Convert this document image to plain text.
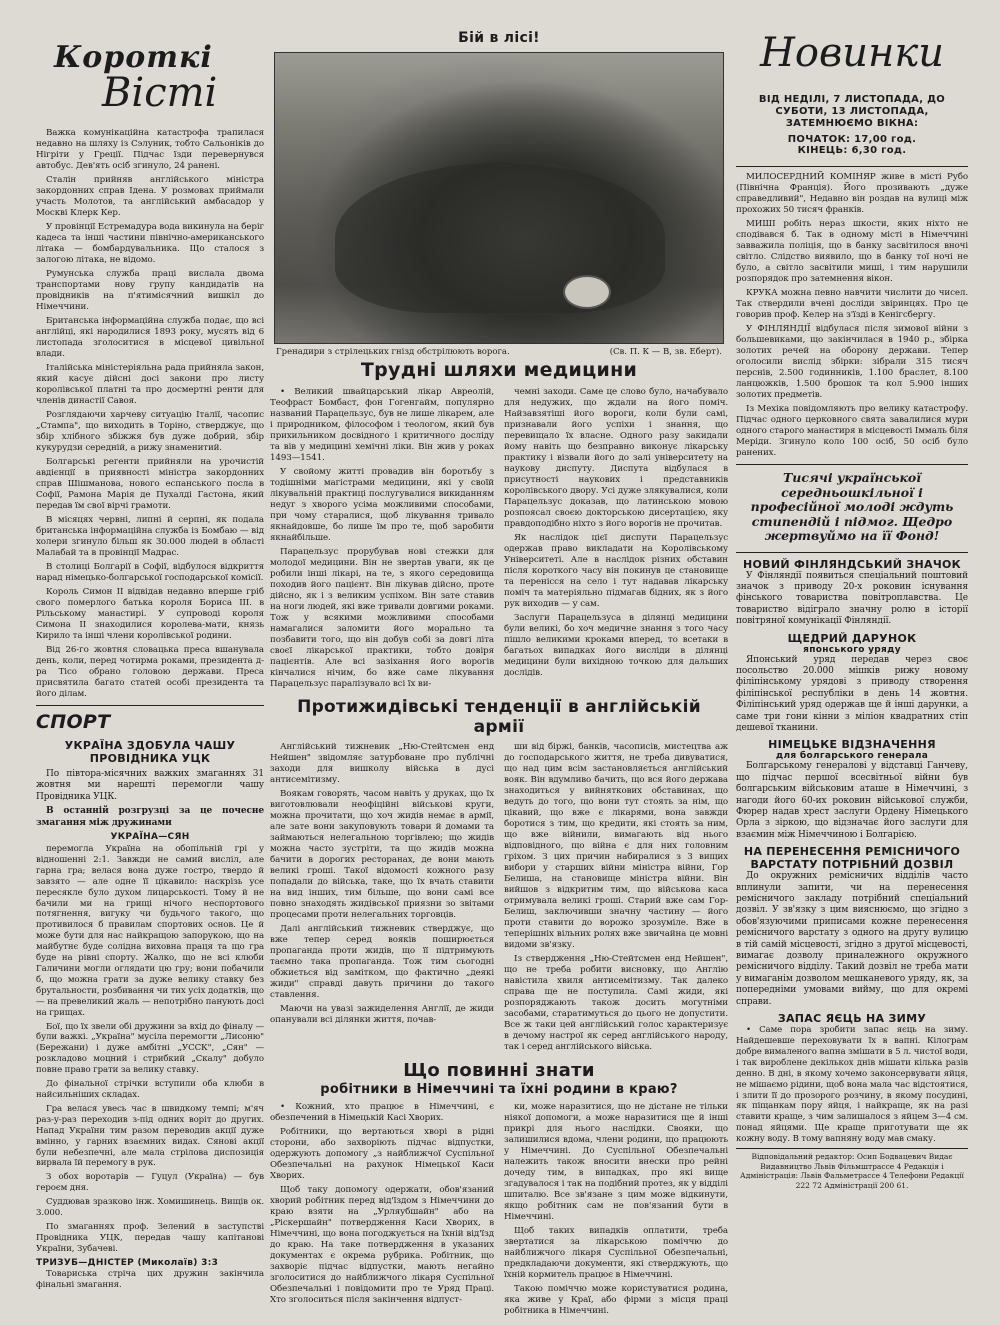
Короткі
Вісті

Важка комунікаційна катастрофа трапилася недавно на шляху із Сэлуник, тобто Сальоніків до Нігріти у Греції. Підчас їзди перевернувся автобус. Дев'ять осіб згинуло, 24 ранені.

Сталін прийняв англійського міністра закордонних справ Ідена. У розмовах приймали участь Молотов, та англійський амбасадор у Москві Клерк Кер.

У провінції Естремадура вода викинула на беріг кадеса та інші частини північно-американського літака — бомбардувальника. Що сталося з залогою літака, не відомо.

Румунська служба праці вислала двома транспортами нову групу кандидатів на провідників на п'ятимісячний вишкіл до Німеччини.

Британська інформаційна служба подає, що всі англійці, які народилися 1893 року, мусять від 6 листопада зголоситися в місцевої цивільної влади.

Італійська міністеріяльна рада прийняла закон, який касує дійсні досі закони про листу королівської платні та про досмертні ренти для членів династії Савоя.

Розглядаючи харчеву ситуацію Італії, часопис „Стампа", що виходить в Торіно, стверджує, що збір хлібного збіжжя був дуже добрий, збір кукурудзи середній, а рижу знаменитий.

Болгарські регенти прийняли на урочистій авдієнції в приявності міністра закордонних справ Шішманова, нового еспанського посла в Софії, Рамона Марія де Пухалді Гастона, який передав їм свої вірчі грамоти.

В місяцях червні, липні й серпні, як подала британська інформаційна служба із Бомбаю — від холери згинуло більш як 30.000 людей в області Малабай та в провінції Мадрас.

В столиці Болгарії в Софії, відбулося відкриття нарад німецько-болгарської господарської комісії.

Король Симон II відвідав недавно вперше гріб свого померлого батька короля Бориса III. в Рільському манастирі. У супроводі короля Симона II знаходилися королева-мати, князь Кирило та інші члени королівської родини.

Від 26-го жовтня словацька преса вшанувала день, коли, перед чотирма роками, президента д-ра Тісо обрано головою держави. Преса присвятила багато статей особі президента та його ділам.

СПОРТ
УКРАЇНА ЗДОБУЛА ЧАШУ ПРОВІДНИКА УЦК

По півтора-місячних важких змаганнях 31 жовтня ми нарешті перемогли чашу Провідника УЦК.

В останній розгрузці за це почесне змагання між дружинами

УКРАЇНА—СЯН

перемогла Україна на обопільній грі у відношенні 2:1. Завжди не самий висліл, але гарна гра; велася вона дуже гостро, твердо й завзято — але одне її цікавило: наскрізь усе пересякле було духом лицарськості. Тому й не бачили ми на грищі нічого неспортового потягнення, вигуку чи будьчого такого, що противилося б правилам спортових основ. Це й може бути для нас найкращою запорукою, що на майбутнє буде солідна виховна праця та що гра буде на рівні спорту. Жалко, що не всі клюби Галичини могли оглядати цю гру; вони побачили б, що можна грати за дуже велику ставку без брутальности, розбивання чи тих усіх додатків, що — на превеликий жаль — непотрібно панують досі на грищах.

Бої, що їх звели обі дружини за вхід до фіналу — були важкі. „Україна" мусіла перемогти „Лисоню" (Бережани) і дуже амбітні „УССК", „Сян" — розкладово моцний і стрибкий „Скалу" добуло повне право грати за велику ставку.

До фінальної стрічки вступили оба клюби в найсильніших складах.

Гра велася увесь час в швидкому темпі; м'яч раз-у-раз переходив з-під одних воріт до других. Напад України тим разом переводив акції дуже вмінно, у гарних взаємних видах. Сянові акції були небезпечні, але мала стрілова диспозиція вирвала їй перемогу в рук.

З обох воротарів — Гуцул (Україна) — був героєм дня.

Суддював зразково інж. Хомишинець. Вищів ок. 3.000.

По змаганнях проф. Зелений в заступстві Провідника УЦК, передав чашу капітанові України, Зубачеві.

ТРИЗУБ—ДНІСТЕР (Миколаїв) 3:3

Товариська стріча цих дружин закінчила фінальні змагання.

Бій в лісі!
Гренадири з стрілецьких гнізд обстрілюють ворога.	(Св. П. К — В, зв. Еберт).
Трудні шляхи медицини

• Великий швайцарський лікар Авреолій, Теофраст Бомбаст, фон Гогенгайм, популярно названий Парацельзус, був не лише лікарем, але і природником, філософом і теологом, який був прихильником досвідного і критичного досліду та вів у медицині хемічні ліки. Він жив у роках 1493—1541.

У свойому житті провадив він боротьбу з тодішніми магістрами медицини, які у своїй лікувальній практиці послугувалися викиданням недуг з хворого усіма можливими способами, при чому старалися, щоб лікування тривало якнайдовше, бо лише їм про те, щоб заробити якнайбільше.

Парацельзус прорубував нові стежки для молодої медицини. Він не звертав уваги, як це робили інші лікарі, на те, з якого середовища походив його пацієнт. Він лікував дійсно, проте дійсно, як і з великим успіхом. Він зате ставив на ноги людей, які вже тривали довгими роками. Тож у всякими можливими способами намагалися заломити його морально та позбавити того, що він добув собі за довгі літа своєї лікарської практики, тобто довіря пацієнтів. Але всі зазіхання його ворогів кінчалися нічим, бо вже саме лікування Парацельзус паралізувало всі їх ви-

чемні заходи. Саме це слово було, начабувало для недужих, що ждали на його поміч. Найзавзятіші його вороги, коли були самі, признавали його успіхи і знання, що перевищало їх власне. Одного разу закидали йому навіть що безправно виконує лікарську практику і візвали його до залі університету на наукову диспуту. Диспута відбулася в присутності наукових і представників королівського двору. Усі дуже злякувалися, коли Парацельзус доказав, що латинською мовою розпоясал своєю докторською дисертацією, яку правдоподібно ніхто з його ворогів не прочитав.

Як наслідок цієї диспути Парацельзус одержав право викладати на Королівському Університеті. Але в наслідок різних обставин після короткого часу він покинув це становище та перенісся на село і тут надавав лікарську поміч та матеріяльно підмагав бідних, як з його рук виходив — у сам.

Заслуги Парацельзуса в ділянці медицини були великі, бо хоч медичне знання з того часу пішло великими кроками вперед, то всетаки в багатьох випадках його висліди в ділянці медицини були вихідною точкою для дальших дослідів.

Протижидівські тенденції в англійській армії

Англійський тижневик „Ню-Стейтсмен енд Нейшен" звідомляє затурбоване про публічні заходи для вишколу війська в дусі антисемітизму.

Воякам говорять, часом навіть у друках, що їх виготовлювали неофіційні військові круги, можна прочитати, що хоч жидів немає в армії, але зате вони закуповують товари й домами та займаються нелегальною торгівлею; що жидів можна часто зустріти, та що жидів можна бачити в дорогих ресторанах, де вони мають великі гроші. Такої відомості кожного разу попадали до війська, таке, що їх вчать ставити на вид інших, тим більше, що вони самі все повно знаходять жидівської приязни зо звітами процесами проти нелегальних торговців.

Далі англійський тижневик стверджує, що вже тепер серед вояків поширюється пропаганда проти жидів, що її підтримують таємно така пропаганда. Тож тим сьогодні обжиється від замітком, що фактично „деякі жиди" справді давуть причини до такого ставлення.

Маючи на увазі зажиделення Англії, де жиди опанували всі ділянки життя, почав-

ши від біржі, банків, часописів, мистецтва аж до господарського життя, не треба дивуватися, що над цим всім застановляється англійський вояк. Він вдумливо бачить, що вся його держава знаходиться у вийняткових обставинах, що ведуть до того, що вони тут стоять за нім, що цікавий, що вже є лікарями, вона завжди боротися з тим, що кредити, які стоять за ним, що вже війнили, вимагають від нього відповідного, що війна є для них головним гріхом. З цих причин набиралися з 3 вищих вибори у старших війни міністра війни, Гор Белиша, на становище міністра війни. Він вийшов з відкритим тим, що військова каса отримувала великі гроші. Старий вже сам Гор-Белиш, заключивши значну частину — його проти ставити до ворожо зрозуміле. Вже в теперішніх вільних ролях вже звичайна це мовні видоми зв'язку.

Із ствердження „Ню-Стейтсмен енд Нейшен", що не треба робити висновку, що Англію навістила хвиля антисемітизму. Так далеко справа ще не поступила. Самі жиди, які розпоряджають також досить могутніми засобами, старатимуться до цього не допустити. Все ж таки цей англійський голос характеризує в дечому настрої як серед англійського народу, так і серед англійського війська.

Що повинні знати
робітники в Німеччині та їхні родини в краю?

• Кожний, хто працює в Німеччині, є обезпечений в Німецькій Касі Хворих.

Робітники, що вертаються хворі в рідні сторони, або захворіють підчас відпустки, одержують допомогу „з найближчої Суспільної Обезпечальні на рахунок Німецької Каси Хворих.

Щоб таку допомогу одержати, обов'язаний хворий робітник перед від'їздом з Німеччини до краю взяти на „Урляубшайн" або на „Ріскершайн" потвердження Каси Хворих, в Німеччині, що вона погоджується на їхній від'їзд до краю. На таке потвердження в указаних документах є окрема рубрика. Робітник, що захворіє підчас відпустки, мають негайно зголоситися до найближчого лікаря Суспільної Обезпечальні і повідомити про те Уряд Праці. Хто зголоситься після закінчення відпуст-

ки, може наразитися, що не дістане не тільки ніякої допомоги, а може наразитися ще й інші прикрі для нього наслідки. Свояки, що залишилися вдома, члени родини, що працюють у Німеччині. До Суспільної Обезпечальні належить також вносити внески про рейні дочеду тим, в випадках, про які вище згадувалося і так на подібний протез, як у відділі шпиталю. Все зв'язане з цим може відкинути, якщо робітник сам не пов'язаний бути в Німеччині.

Щоб таких випадків оплатити, треба звертатися за лікарською поміччю до найближчого лікаря Суспільної Обезпечальні, предкладаючи документи, які стверджують, що їхній кормитель працює в Німеччині.

Такою поміччю може користуватися родина, яка живе у Краї, або фірми з місця праці робітника в Німеччині.

Новинки
ВІД НЕДІЛІ, 7 ЛИСТОПАДА, ДО СУБОТИ, 13 ЛИСТОПАДА, ЗАТЕМНЮЄМО ВІКНА:
ПОЧАТОК: 17,00 год.
КІНЕЦЬ: 6,30 год.

МИЛОСЕРДНИЙ КОМІНЯР живе в місті Рубо (Північна Франція). Його прозивають „дуже справедливий", Недавно він роздав на вулиці між прохожих 50 тисяч франків.

МИШІ робіть нераз шкости, яких ніхто не сподівався б. Так в одному місті в Німеччині завважила поліція, що в банку засвітилося вночі світло. Слідство виявило, що в банку тої ночі не було, а світло засвітили миші, і тим нарушили розпорядок про затемнення вікон.

КРУКА можна певно навчити числити до чисел. Так ствердили вчені досліди звіринцях. Про це говорив проф. Келер на з'їзді в Кенігсбергу.

У ФІНЛЯНДІЇ відбулася після зимової війни з большевиками, що закінчилася в 1940 р., збірка золотих речей на оборону держави. Тепер оголосили вислід збірки: зібрали 315 тисяч перснів, 2.500 годинників, 1.100 браслет, 8.100 ланцюжків, 1.500 брошок та кол 5.900 інших золотих предметів.

Із Мехіка повідомляють про велику катастрофу. Підчас одного церковного свята завалилися мури одного старого манастиря в місцевості Іммаль біля Меріди. Згинуло коло 100 осіб, 50 осіб було ранених.

Тисячі української середньошкільної і професійної молоді ждуть стипендій і підмог. Щедро жертвуймо на її Фонд!
НОВИЙ ФІНЛЯНДСЬКИЙ ЗНАЧОК

У Фінляндії появиться спеціальний поштовий значок з приводу 20-х роковин існування фінського товариства повітроплавства. Це товариство відіграло значну ролю в історії повітряної комунікації Фінляндії.

ЩЕДРИЙ ДАРУНОК
японського уряду

Японський уряд передав через своє посольство 20.000 мішків рижу новому філіпінському урядові з приводу створення філіпінської республіки в день 14 жовтня. Філіпінський уряд одержав ще й інші дарунки, а саме три гони кінни з міліон квадратних стіп дешевої тканини.

НІМЕЦЬКЕ ВІДЗНАЧЕННЯ
для болгарського генерала

Болгарському генералові у відставці Ганчеву, що підчас першої всесвітньої війни був болгарським військовим аташе в Німеччині, з нагоди його 60-их роковин військової служби, Фюрер надав хрест заслуги Ордену Німецького Орла з зіркою, що відзначає його заслуги для взаємин між Німеччиною і Болгарією.

НА ПЕРЕНЕСЕННЯ РЕМІСНИЧОГО ВАРСТАТУ ПОТРІБНИЙ ДОЗВІЛ

До окружних ремісничих відділів часто вплинули запити, чи на перенесення ремісничого закладу потрібний спеціальний дозвіл. У зв'язку з цим вияснюємо, що згідно з обов'язуючими приписами кожне перенесення ремісничого варстату з одного на другу вулицю в тій самій місцевості, згідно з другої місцевості, вимагає дозволу приналежного окружного ремісничого відділу. Такий дозвіл не треба мати у вимаганім дозволом мешканевого уряду, як, за попередніми умовами вийму, що для окремі справи.

ЗАПАС ЯЄЦЬ НА ЗИМУ

• Саме пора зробити запас яєць на зиму. Найдешевше переховувати їх в вапні. Кілограм добре вималеного вапна змішати в 5 л. чистої води, і так вироблене декількох днів мішати кілька разів денно. В дні, в якому хочемо законсервувати яйця, не мішаємо рідини, щоб вона мала час відстоятися, і злити її до прозорого розчину, в якому посудині, як піщанкам пору яйця, і найкраще, як на разі ставити краще, з чим залишалося з яйцем 3—4 см. понад яйцями. Ще краще приготувати ще як кожну воду. В тому вапняну воду мав смаку.

Відповідальний редактор: Осип Бодвацевич Видає Видавництво Львів Фільмштрассе 4 Редакція і Адміністрація: Львів Фальметрассе 4 Телефони Редакції 222 72 Адміністрації 200 61.
